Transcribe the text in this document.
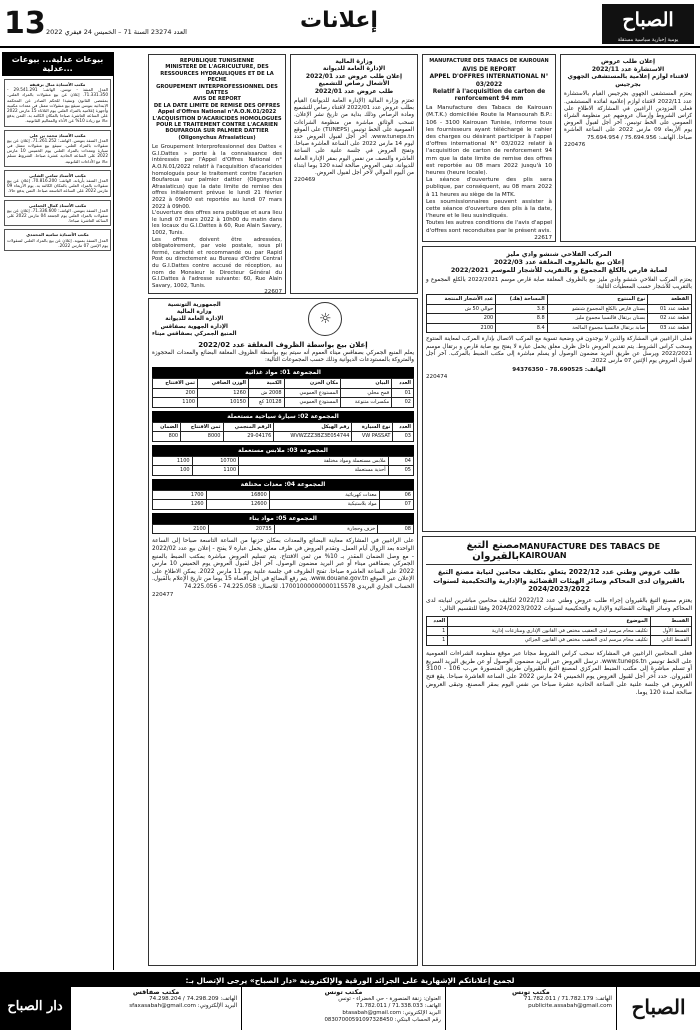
13 العدد 23274 السنة 71 – الخميس 24 فيفري 2022	إعلانات	الصباح
يومية إخبارية سياسية مستقلة
بيوعات عدلية... بيوعات عدلية...
مكتب الأستاذة منال برقيقة
العدل المنفذ - تونس. الهاتف: 29.541.291 - 71.331.350. إعلان عن بيع منقولات بالمزاد العلني. بمقتضى القانون وتنفيذا للحكم الصادر عن المحكمة الابتدائية بتونس سيقع بيع منقولات تتمثل في معدات مكتبية وأجهزة إعلامية بالمزاد العلني يوم الثلاثاء 15 مارس 2022 على الساعة العاشرة صباحا بالمكان الكائنة به. الثمن يدفع حالا مع زيادة 10% عن الأداء والمعاليم القانونية.
مكتب الأستاذ محمد بن علي
العدل المنفذ بتونس. الهاتف: 71.261.252. إعلان عن بيع منقولات بالمزاد العلني. سيقع بيع منقولات تتمثل في سيارة ومعدات بالمزاد العلني يوم الخميس 10 مارس 2022 على الساعة الحادية عشرة صباحا. الشروط تسلم حالا مع الأداءات القانونية.
مكتب الأستاذ سامي الشابي
العدل المنفذ بأريانة. الهاتف: 70.816.200. إعلان عن بيع منقولات بالمزاد العلني بالمكان الكائنة به. يوم الأربعاء 09 مارس 2022 على الساعة التاسعة صباحا. الثمن يدفع حالا.
مكتب الأستاذ كمال الحمامي
العدل المنفذ بتونس. الهاتف: 71.336.600. إعلان عن بيع منقولات بالمزاد العلني يوم الجمعة 04 مارس 2022 على الساعة العاشرة صباحا.
مكتب الأستاذة سامية المحمدي
العدل المنفذ بمنوبة. إعلان عن بيع بالمزاد العلني لمنقولات يوم الإثنين 07 مارس 2022.
REPUBLIQUE TUNISIENNE
MINISTERE DE L'AGRICULTURE, DES RESSOURCES HYDRAULIQUES ET DE LA PECHE
GROUPEMENT INTERPROFESSIONNEL DES DATTES
AVIS DE REPORT
DE LA DATE LIMITE DE REMISE DES OFFRES
Appel d'Offres National n°A.O.N.01/2022
L'ACQUISITION D'ACARICIDES HOMOLOGUES POUR LE TRAITEMENT CONTRE L'ACARIEN BOUFAROUA SUR PALMIER DATTIER
(Oligonychus Afrasiaticus)
Le Groupement Interprofessionnel des Dattes « G.I.Dattes » porte à la connaissance des intéressés par l'Appel d'Offres National n° A.O.N.01/2022 relatif à l'acquisition d'acaricides homologués pour le traitement contre l'acarien Boufaroua sur palmier dattier (Oligonychus Afrasiaticus) que la date limite de remise des offres initialement prévue le lundi 21 février 2022 à 09h00 est reportée au lundi 07 mars 2022 à 09h00.
L'ouverture des offres sera publique et aura lieu le lundi 07 mars 2022 à 10h00 du matin dans les locaux du G.I.Dattes à 60, Rue Alain Savary, 1002, Tunis.
Les offres doivent être adressées, obligatoirement, par voie postale, sous pli fermé, cacheté et recommandé ou par Rapid Post ou directement au Bureau d'Ordre Central du G.I.Dattes contre accusé de réception, au nom de Monsieur le Directeur Général du G.I.Dattes à l'adresse suivante: 60, Rue Alain Savary, 1002, Tunis.
22607
وزارة المالية
الإدارة العامة للديوانة
إعلان طلب عروض عدد 2022/01
الأشغال رصاص للتشميع
طلب عروض عدد 2022/01
تعتزم وزارة المالية (الإدارة العامة للديوانة) القيام بطلب عروض عدد 2022/01 لاقتناء رصاص للتشميع ومادة الرصاص وذلك بداية من تاريخ نشر الإعلان. تسحب الوثائق مباشرة من منظومة الشراءات العمومية على الخط تونبس (TUNEPS) على الموقع www.tuneps.tn. آخر أجل لقبول العروض حدد ليوم 14 مارس 2022 على الساعة العاشرة صباحا. وتفتح العروض في جلسة علنية على الساعة العاشرة والنصف من نفس اليوم بمقر الإدارة العامة للديوانة. تبقى العروض صالحة لمدة 120 يوما ابتداء من اليوم الموالي لآخر أجل لقبول العروض.
220469
MANUFACTURE DES TABACS DE KAIROUAN
AVIS DE REPORT
APPEL D'OFFRES INTERNATIONAL N° 03/2022
Relatif à l'acquisition de carton de renforcement 94 mm
La Manufacture des Tabacs de Kairouan (M.T.K.) domiciliée Route la Mansourah B.P.: 106 - 3100 Kairouan Tunisie, informe tous les fournisseurs ayant téléchargé le cahier des charges ou désirant participer à l'appel d'offres international N° 03/2022 relatif à l'acquisition de carton de renforcement 94 mm que la date limite de remise des offres est reportée au 08 mars 2022 jusqu'à 10 heures (heure locale).
La séance d'ouverture des plis sera publique, par conséquent, au 08 mars 2022 à 11 heures au siège de la MTK.
Les soumissionnaires peuvent assister à cette séance d'ouverture des plis à la date, l'heure et le lieu susindiqués.
Toutes les autres conditions de l'avis d'appel d'offres sont reconduites par le présent avis.
22617
إعلان طلب عروض
الاستشارة عدد 2022/11
لاقتناء لوازم إعلامية بالمستشفى الجهوي بجرجيس
يعتزم المستشفى الجهوي بجرجيس القيام بالاستشارة عدد 2022/11 لاقتناء لوازم إعلامية لفائدة المستشفى. فعلى المزودين الراغبين في المشاركة الاطلاع على كراس الشروط وإرسال عروضهم عبر منظومة الشراء العمومي على الخط تونبس. آخر أجل لقبول العروض يوم الأربعاء 09 مارس 2022 على الساعة العاشرة صباحا. الهاتف: 75.694.956 / 75.694.954
220476
المركب الفلاحي شنشو وادي مليز
إعلان بيع بالظروف المغلقة عدد 2022/03
لصابة قارص بالكلغ المجموع و بالتقريب للأشجار للموسم 2022/2021
يعتزم المركب الفلاحي شنشو وادي مليز بيع بالظروف المغلقة صابة قارص موسم 2022/2021 بالكلغ المجموع و بالتقريب للأشجار حسب المعطيات التالية:
القطعة	نوع المنتوج	المساحة (هك)	عدد الأشجار المنتجة
قطعة عدد 01	بستان قارص بالكلغ المجموع شنشو	3.8	حوالي 50 ش
قطعة عدد 02	بستان برتقال فالنسيا مجموع مليز	8.8	200
قطعة عدد 03	صابة برتقال فالنسيا مجموع المالحة	8.4	2100
فعلى الراغبين في المشاركة والذين لا يوجدون في وضعية تسوية مع المركب الاتصال بإدارة المركب لمعاينة المنتوج وسحب كراس الشروط. يتم تقديم العروض داخل ظرف مغلق يحمل عبارة لا يفتح بيع صابة قارص و برتقال موسم 2022/2021 ويرسل عن طريق البريد مضمون الوصول أو يسلم مباشرة إلى مكتب الضبط بالمركب. آخر أجل لقبول العروض يوم الإثنين 07 مارس 2022.
الهاتف: 78.690525 - 94376350
220474
MANUFACTURE DES TABACS DE KAIROUAN
مصنع التبغ بالقيروان
طلب عروض وطني عدد 2022/12 يتعلق بتكليف محامين لنيابة مصنع التبغ بالقيروان لدى المحاكم وسائر الهيئات القضائية والإدارية والتحكيمية لسنوات 2024/2023/2022
يعتزم مصنع التبغ بالقيروان إجراء طلب عروض وطني عدد 2022/12 لتكليف محامين مباشرين لنيابته لدى المحاكم وسائر الهيئات القضائية والإدارية والتحكيمية لسنوات 2024/2023/2022 وفقا للتقسيم التالي:
القسط	الموضوع	العدد
القسط الأول	تكليف محام مرسم لدى التعقيب مختص في القانون الإداري ومنازعات إدارية	1
القسط الثاني	تكليف محام مرسم لدى التعقيب مختص في القانون الجزائي	1
فعلى المحامين الراغبين في المشاركة سحب كراس الشروط مجانا عبر موقع منظومة الشراءات العمومية على الخط تونبس www.tuneps.tn. ترسل العروض عبر البريد مضمون الوصول أو عن طريق البريد السريع أو تسلم مباشرة إلى مكتب الضبط المركزي لمصنع التبغ بالقيروان طريق المنصورة ص.ب 106 - 3100 القيروان. حدد آخر أجل لقبول العروض يوم الخميس 24 مارس 2022 على الساعة العاشرة صباحا. يقع فتح العروض في جلسة علنية على الساعة الحادية عشرة صباحا من نفس اليوم بمقر المصنع. وتبقى العروض صالحة لمدة 120 يوما.
☼
الجمهورية التونسية
وزارة المالية
الإدارة العامة للديوانة
الإدارة الجهوية بصفاقس
المنبع الجمركي بصفاقس ميناء
إعلان بيع بواسطة الظروف المغلقة عدد 2022/02
يعلم المنبع الجمركي بصفاقس ميناء العموم أنه سيتم بيع بواسطة الظروف المغلقة البضائع والمعدات المحجوزة والمتروكة بالمستودعات الديوانية وذلك حسب المجموعات التالية:
المجموعة 01: مواد غذائية
العدد	البيان	مكان الخزن	الكمية	الوزن الصافي	ثمن الافتتاح
01	قمح محلي	المستودع العمومي	2008 ش	1260	200
02	مكسرات متنوعة	المستودع العمومي	10128 كغ	10150	1100
المجموعة 02: سيارة سياحية مستعملة
العدد	نوع السيارة	رقم الهيكل	الرقم المنجمي	ثمن الافتتاح	الضمان
03	VW PASSAT	WVWZZZ3BZ3E054744	29-04176	8000	800
المجموعة 03: ملابس مستعملة
04	ملابس مستعملة ومواد مختلفة	10700	1100
05	أحذية مستعملة	1100	100
المجموعة 04: معدات مختلفة
06	معدات كهربائية	16800	1700
07	مواد بلاستيكية	12600	1260
المجموعة 05: مواد بناء
08	خزف وحجارة	20735	2100
على الراغبين في المشاركة معاينة البضائع والمعدات بمكان خزنها من الساعة التاسعة صباحا إلى الساعة الواحدة بعد الزوال أيام العمل. وتقدم العروض في ظرف مغلق يحمل عبارة لا يفتح - إعلان بيع عدد 2022/02 - مع وصل الضمان المقدر بـ 10% من ثمن الافتتاح. يتم تسليم العروض مباشرة بمكتب الضبط بالمنبع الجمركي بصفاقس ميناء أو عبر البريد مضمون الوصول. آخر أجل لقبول العروض يوم الخميس 10 مارس 2022 على الساعة العاشرة صباحا. تفتح الظروف في جلسة علنية يوم 11 مارس 2022. يمكن الاطلاع على الإعلان عبر الموقع www.douane.gov.tn. يتم رفع البضائع في أجل أقصاه 15 يوما من تاريخ الإعلام بالقبول. الحساب الجاري البريدي 17001000000000115578. للاتصال: 74.225.058 - 74.225.056
220477
لجميع إعلاناتكم الإشهارية على الجرائد الورقية والإلكترونية «دار الصباح» يرجى الإتصال بـ:
دار الصباح
مكتب صفاقس
الهاتف: 74.298.209 / 74.298.204
البريد الإلكتروني: sfaxasabah@gmail.com
مكتب تونس
العنوان: زنقة المنصورة - حي الخضراء - تونس
الهاتف: 71.338.033 / 71.782.011
البريد الإلكتروني: btasabah@gmail.com
رقم الحساب البنكي: 08307000591097328450
مكتب تونس
الهاتف: 71.782.179 / 71.782.011
publicite.assabah@gmail.com الصباح
